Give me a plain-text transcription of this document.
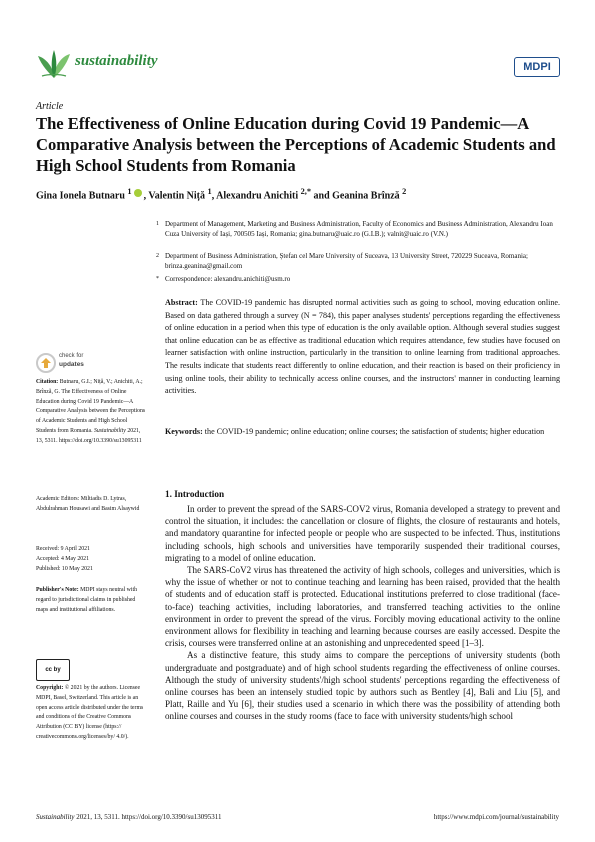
sustainability	MDPI
Article
The Effectiveness of Online Education during Covid 19 Pandemic—A Comparative Analysis between the Perceptions of Academic Students and High School Students from Romania
Gina Ionela Butnaru $^1$ , Valentin Niță $^1$, Alexandru Anichiti $^{2,*}$ and Geanina Brînză $^2$
1 Department of Management, Marketing and Business Administration, Faculty of Economics and Business Administration, Alexandru Ioan Cuza University of Iași, 700505 Iași, Romania; gina.butnaru@uaic.ro (G.I.B.); valnit@uaic.ro (V.N.)
2 Department of Business Administration, Ștefan cel Mare University of Suceava, 13 University Street, 720229 Suceava, Romania; brinza.geanina@gmail.com
* Correspondence: alexandru.anichiti@usm.ro

Abstract: The COVID-19 pandemic has disrupted normal activities such as going to school, moving education online. Based on data gathered through a survey (N = 784), this paper analyses students' perceptions regarding the effectiveness of online education in a period when this type of education is the only available option. Although several studies suggest that online education can be as effective as traditional education which requires attendance, few studies have focused on learner satisfaction with online instruction, particularly in the transition to online learning from traditional approaches. The results indicate that students react differently to online education, and their reaction is based on their proficiency in using online tools, their ability to technically access online courses, and the instructors' manner in conducting learning activities.

Keywords: the COVID-19 pandemic; online education; online courses; the satisfaction of students; higher education

check for
updates

Citation: Butnaru, G.I.; Niță, V.; Anichiti, A.; Brînză, G. The Effectiveness of Online Education during Covid 19 Pandemic—A Comparative Analysis between the Perceptions of Academic Students and High School Students from Romania. Sustainability 2021, 13, 5311. https://doi.org/10.3390/su13095311

Academic Editors: Miltiadis D. Lytras, Abdulrahman Housawi and Basim Alsaywid

Received: 9 April 2021

Accepted: 4 May 2021

Published: 10 May 2021

Publisher's Note: MDPI stays neutral with regard to jurisdictional claims in published maps and institutional affiliations.

cc by

Copyright: © 2021 by the authors. Licensee MDPI, Basel, Switzerland. This article is an open access article distributed under the terms and conditions of the Creative Commons Attribution (CC BY) license (https:// creativecommons.org/licenses/by/ 4.0/).

1. Introduction

In order to prevent the spread of the SARS-COV2 virus, Romania developed a strategy to prevent and control the situation, it includes: the cancellation or closure of flights, the closure of restaurants and hotels, and mandatory quarantine for infected people or people who are suspected to be infected. Thus, institutions including schools, high schools and universities have temporarily suspended their traditional courses, migrating to a model of online education.

The SARS-CoV2 virus has threatened the activity of high schools, colleges and universities, which is why the issue of whether or not to continue teaching and learning has been raised, provided that the health of students and of education staff is protected. Educational institutions preferred to close traditional (face-to-face) teaching activities, including laboratories, and transferred teaching activities to the online environment in order to prevent the spread of the virus. Forcibly moving educational activity to the online environment allows for flexibility in teaching and learning because courses are easily accessed. Despite the crisis, courses were transferred online at an astonishing and unprecedented speed [1–3].

As a distinctive feature, this study aims to compare the perceptions of university students (both undergraduate and postgraduate) and of high school students regarding the effectiveness of online courses. Although the study of university students'/high school students' perceptions regarding the effectiveness of online courses has been an intensely studied topic by authors such as Bentley [4], Bali and Liu [5], and Platt, Raille and Yu [6], their studies used a scenario in which there was the possibility of attending both online courses and courses in the study rooms (face to face with university students/high school

Sustainability 2021, 13, 5311. https://doi.org/10.3390/su13095311	https://www.mdpi.com/journal/sustainability
